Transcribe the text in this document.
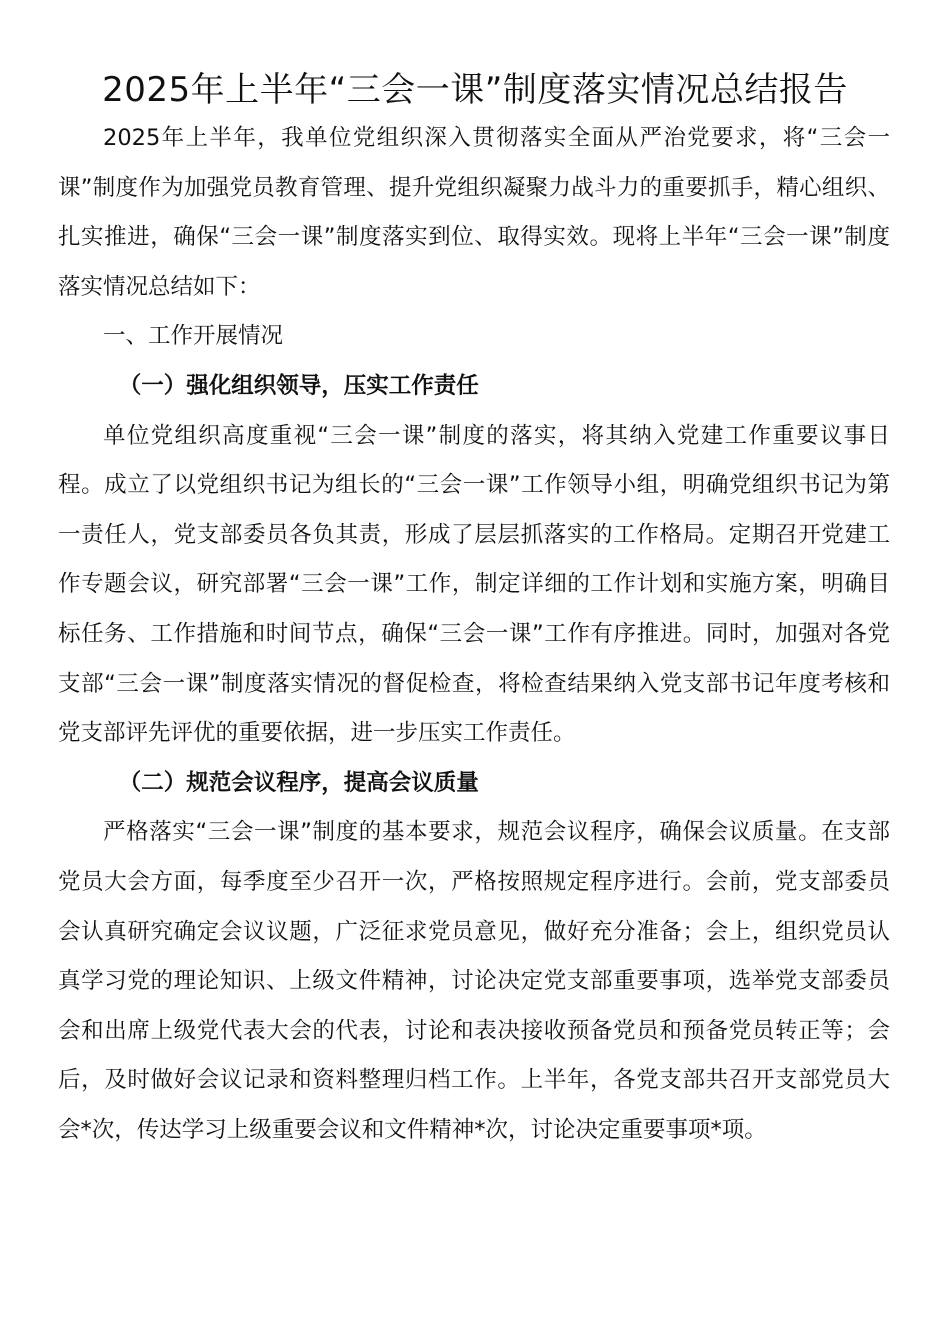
2025年上半年“三会一课”制度落实情况总结报告

2025年上半年，我单位党组织深入贯彻落实全面从严治党要求，将“三会一课”制度作为加强党员教育管理、提升党组织凝聚力战斗力的重要抓手，精心组织、扎实推进，确保“三会一课”制度落实到位、取得实效。现将上半年“三会一课”制度落实情况总结如下：

一、工作开展情况

（一）强化组织领导，压实工作责任

单位党组织高度重视“三会一课”制度的落实，将其纳入党建工作重要议事日程。成立了以党组织书记为组长的“三会一课”工作领导小组，明确党组织书记为第一责任人，党支部委员各负其责，形成了层层抓落实的工作格局。定期召开党建工作专题会议，研究部署“三会一课”工作，制定详细的工作计划和实施方案，明确目标任务、工作措施和时间节点，确保“三会一课”工作有序推进。同时，加强对各党支部“三会一课”制度落实情况的督促检查，将检查结果纳入党支部书记年度考核和党支部评先评优的重要依据，进一步压实工作责任。

（二）规范会议程序，提高会议质量

严格落实“三会一课”制度的基本要求，规范会议程序，确保会议质量。在支部党员大会方面，每季度至少召开一次，严格按照规定程序进行。会前，党支部委员会认真研究确定会议议题，广泛征求党员意见，做好充分准备；会上，组织党员认真学习党的理论知识、上级文件精神，讨论决定党支部重要事项，选举党支部委员会和出席上级党代表大会的代表，讨论和表决接收预备党员和预备党员转正等；会后，及时做好会议记录和资料整理归档工作。上半年，各党支部共召开支部党员大会*次，传达学习上级重要会议和文件精神*次，讨论决定重要事项*项。
